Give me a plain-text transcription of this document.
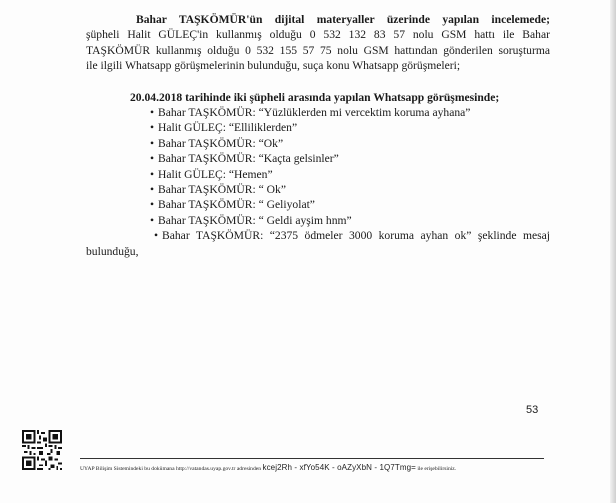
Bahar TAŞKÖMÜR'ün dijital materyaller üzerinde yapılan incelemede;
şüpheli Halit GÜLEÇ'in kullanmış olduğu 0 532 132 83 57 nolu GSM hattı ile Bahar
TAŞKÖMÜR kullanmış olduğu 0 532 155 57 75 nolu GSM hattından gönderilen soruşturma
ile ilgili Whatsapp görüşmelerinin bulunduğu, suça konu Whatsapp görüşmeleri;

20.04.2018 tarihinde iki şüpheli arasında yapılan Whatsapp görüşmesinde;
• Bahar TAŞKÖMÜR: “Yüzlüklerden mi vercektim koruma ayhana”
• Halit GÜLEÇ: “Elliliklerden”
• Bahar TAŞKÖMÜR: “Ok”
• Bahar TAŞKÖMÜR: “Kaçta gelsinler”
• Halit GÜLEÇ: “Hemen”
• Bahar TAŞKÖMÜR: “ Ok”
• Bahar TAŞKÖMÜR: “ Geliyolat”
• Bahar TAŞKÖMÜR: “ Geldi ayşim hnm”
• Bahar TAŞKÖMÜR: “2375 ödmeler 3000 koruma ayhan ok” şeklinde mesaj

bulunduğu,

53
UYAP Bilişim Sistemindeki bu dokümana http://vatandas.uyap.gov.tr adresinden kcej2Rh - xfYo54K - oAZyXbN - 1Q7Tmg= ile erişebilirsiniz.
